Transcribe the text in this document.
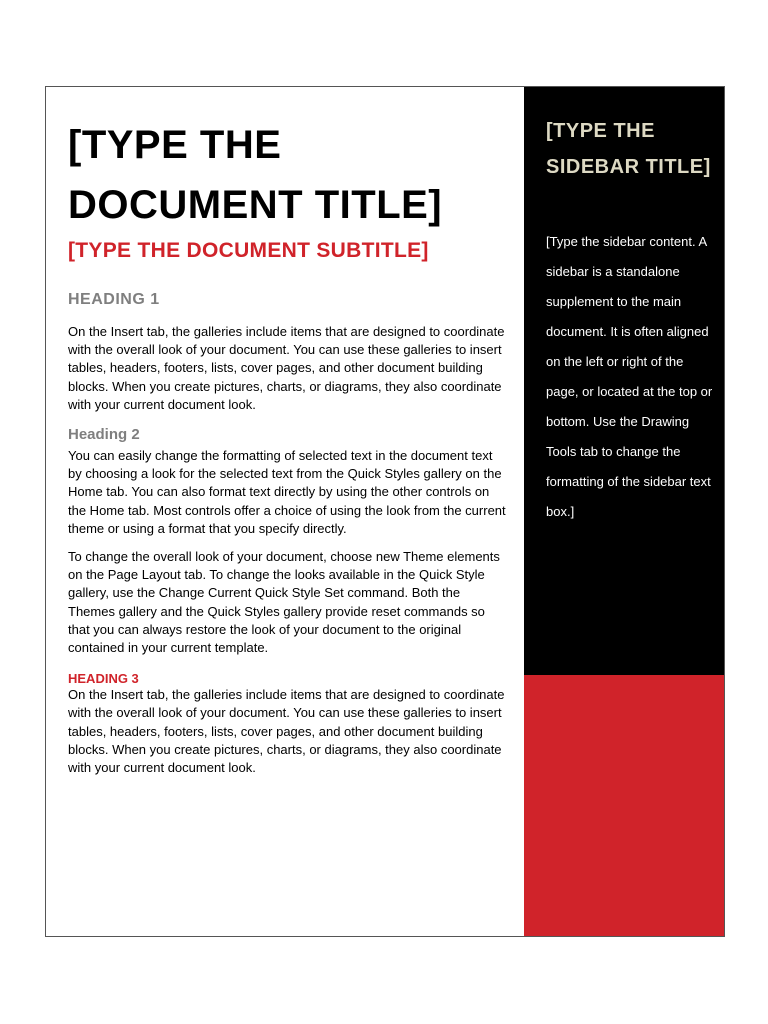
[TYPE THE DOCUMENT TITLE]
[TYPE THE DOCUMENT SUBTITLE]
HEADING 1

On the Insert tab, the galleries include items that are designed to coordinate with the overall look of your document. You can use these galleries to insert tables, headers, footers, lists, cover pages, and other document building blocks. When you create pictures, charts, or diagrams, they also coordinate with your current document look.

Heading 2

You can easily change the formatting of selected text in the document text by choosing a look for the selected text from the Quick Styles gallery on the Home tab. You can also format text directly by using the other controls on the Home tab. Most controls offer a choice of using the look from the current theme or using a format that you specify directly.

To change the overall look of your document, choose new Theme elements on the Page Layout tab. To change the looks available in the Quick Style gallery, use the Change Current Quick Style Set command. Both the Themes gallery and the Quick Styles gallery provide reset commands so that you can always restore the look of your document to the original contained in your current template.

HEADING 3

On the Insert tab, the galleries include items that are designed to coordinate with the overall look of your document. You can use these galleries to insert tables, headers, footers, lists, cover pages, and other document building blocks. When you create pictures, charts, or diagrams, they also coordinate with your current document look.

[TYPE THE SIDEBAR TITLE]
[Type the sidebar content. A sidebar is a standalone supplement to the main document. It is often aligned on the left or right of the page, or located at the top or bottom. Use the Drawing Tools tab to change the formatting of the sidebar text box.]
